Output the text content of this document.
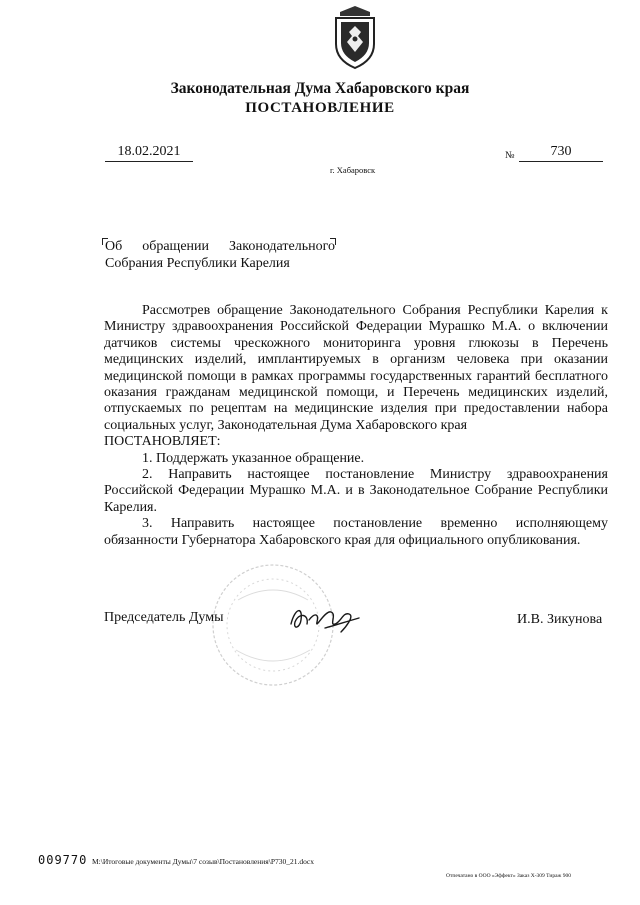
Законодательная Дума Хабаровского края
ПОСТАНОВЛЕНИЕ
18.02.2021	№	730
г. Хабаровск
Об обращении Законодательного
Собрания Республики Карелия

Рассмотрев обращение Законодательного Собрания Республики Карелия к Министру здравоохранения Российской Федерации Мурашко М.А. о включении датчиков системы чрескожного мониторинга уровня глюкозы в Перечень медицинских изделий, имплантируемых в организм человека при оказании медицинской помощи в рамках программы государственных гарантий бесплатного оказания гражданам медицинской помощи, и Перечень медицинских изделий, отпускаемых по рецептам на медицинские изделия при предоставлении набора социальных услуг, Законодательная Дума Хабаровского края

ПОСТАНОВЛЯЕТ:

1. Поддержать указанное обращение.

2. Направить настоящее постановление Министру здравоохранения Российской Федерации Мурашко М.А. и в Законодательное Собрание Республики Карелия.

3. Направить настоящее постановление временно исполняющему обязанности Губернатора Хабаровского края для официального опубликования.

Председатель Думы	И.В. Зикунова
009770 M:\Итоговые документы Думы\7 созыв\Постановления\P730_21.docx
Отпечатано в ООО «Эффект» Заказ Х-309 Тираж 900
